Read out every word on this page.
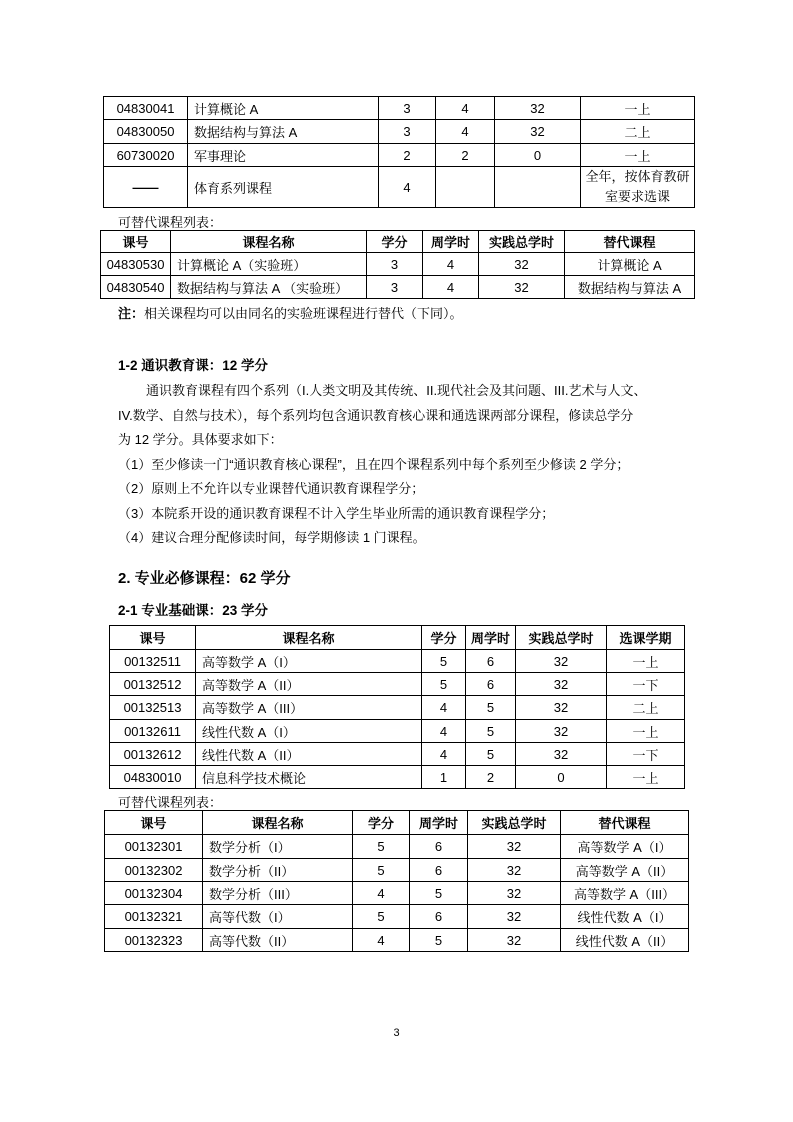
04830041	计算概论 A	3	4	32	一上
04830050	数据结构与算法 A	3	4	32	二上
60730020	军事理论	2	2	0	一上
——	体育系列课程	4			全年，按体育教研室要求选课
可替代课程列表：
课号	课程名称	学分	周学时	实践总学时	替代课程
04830530	计算概论 A（实验班）	3	4	32	计算概论 A
04830540	数据结构与算法 A （实验班）	3	4	32	数据结构与算法 A
注：相关课程均可以由同名的实验班课程进行替代（下同）。
1-2 通识教育课：12 学分
通识教育课程有四个系列（I.人类文明及其传统、II.现代社会及其问题、III.艺术与人文、
IV.数学、自然与技术），每个系列均包含通识教育核心课和通选课两部分课程，修读总学分
为 12 学分。具体要求如下：
（1）至少修读一门“通识教育核心课程”，且在四个课程系列中每个系列至少修读 2 学分；
（2）原则上不允许以专业课替代通识教育课程学分；
（3）本院系开设的通识教育课程不计入学生毕业所需的通识教育课程学分；
（4）建议合理分配修读时间，每学期修读 1 门课程。
2. 专业必修课程：62 学分
2-1 专业基础课：23 学分
课号	课程名称	学分	周学时	实践总学时	选课学期
00132511	高等数学 A（I）	5	6	32	一上
00132512	高等数学 A（II）	5	6	32	一下
00132513	高等数学 A（III）	4	5	32	二上
00132611	线性代数 A（I）	4	5	32	一上
00132612	线性代数 A（II）	4	5	32	一下
04830010	信息科学技术概论	1	2	0	一上
可替代课程列表：
课号	课程名称	学分	周学时	实践总学时	替代课程
00132301	数学分析（I）	5	6	32	高等数学 A（I）
00132302	数学分析（II）	5	6	32	高等数学 A（II）
00132304	数学分析（III）	4	5	32	高等数学 A（III）
00132321	高等代数（I）	5	6	32	线性代数 A（I）
00132323	高等代数（II）	4	5	32	线性代数 A（II）
3
